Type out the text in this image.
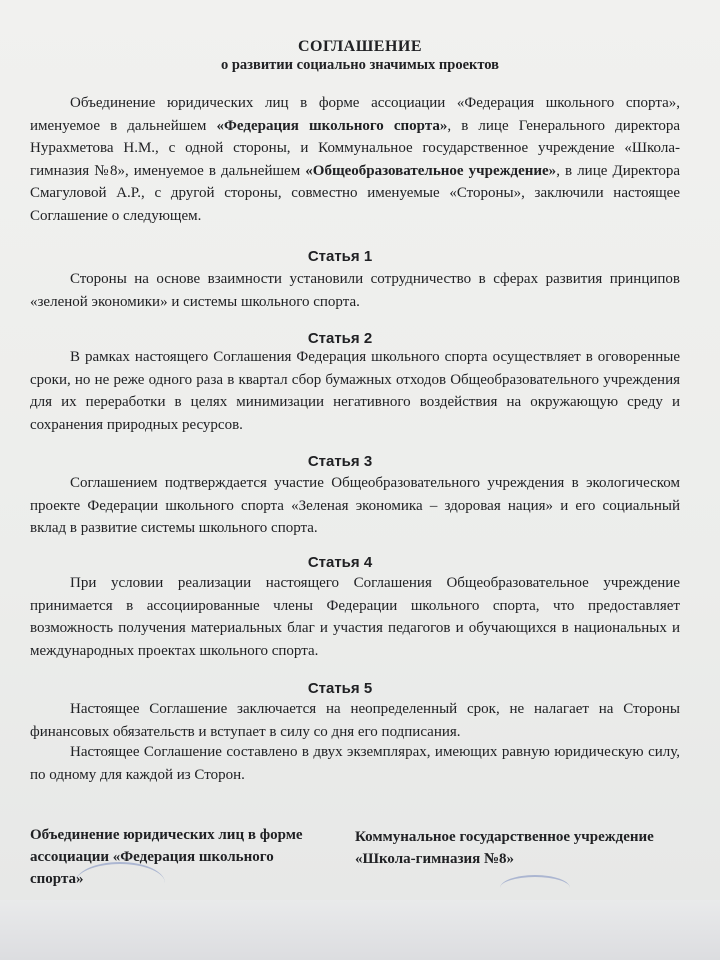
СОГЛАШЕНИЕ
о развитии социально значимых проектов

Объединение юридических лиц в форме ассоциации «Федерация школьного спорта», именуемое в дальнейшем «Федерация школьного спорта», в лице Генерального директора Нурахметова Н.М., с одной стороны, и Коммунальное государственное учреждение «Школа-гимназия №8», именуемое в дальнейшем «Общеобразовательное учреждение», в лице Директора Смагуловой А.Р., с другой стороны, совместно именуемые «Стороны», заключили настоящее Соглашение о следующем.

Статья 1

Стороны на основе взаимности установили сотрудничество в сферах развития принципов «зеленой экономики» и системы школьного спорта.

Статья 2

В рамках настоящего Соглашения Федерация школьного спорта осуществляет в оговоренные сроки, но не реже одного раза в квартал сбор бумажных отходов Общеобразовательного учреждения для их переработки в целях минимизации негативного воздействия на окружающую среду и сохранения природных ресурсов.

Статья 3

Соглашением подтверждается участие Общеобразовательного учреждения в экологическом проекте Федерации школьного спорта «Зеленая экономика – здоровая нация» и его социальный вклад в развитие системы школьного спорта.

Статья 4

При условии реализации настоящего Соглашения Общеобразовательное учреждение принимается в ассоциированные члены Федерации школьного спорта, что предоставляет возможность получения материальных благ и участия педагогов и обучающихся в национальных и международных проектах школьного спорта.

Статья 5

Настоящее Соглашение заключается на неопределенный срок, не налагает на Стороны финансовых обязательств и вступает в силу со дня его подписания.

Настоящее Соглашение составлено в двух экземплярах, имеющих равную юридическую силу, по одному для каждой из Сторон.

Объединение юридических лиц в форме ассоциации «Федерация школьного спорта»

Коммунальное государственное учреждение «Школа-гимназия №8»
